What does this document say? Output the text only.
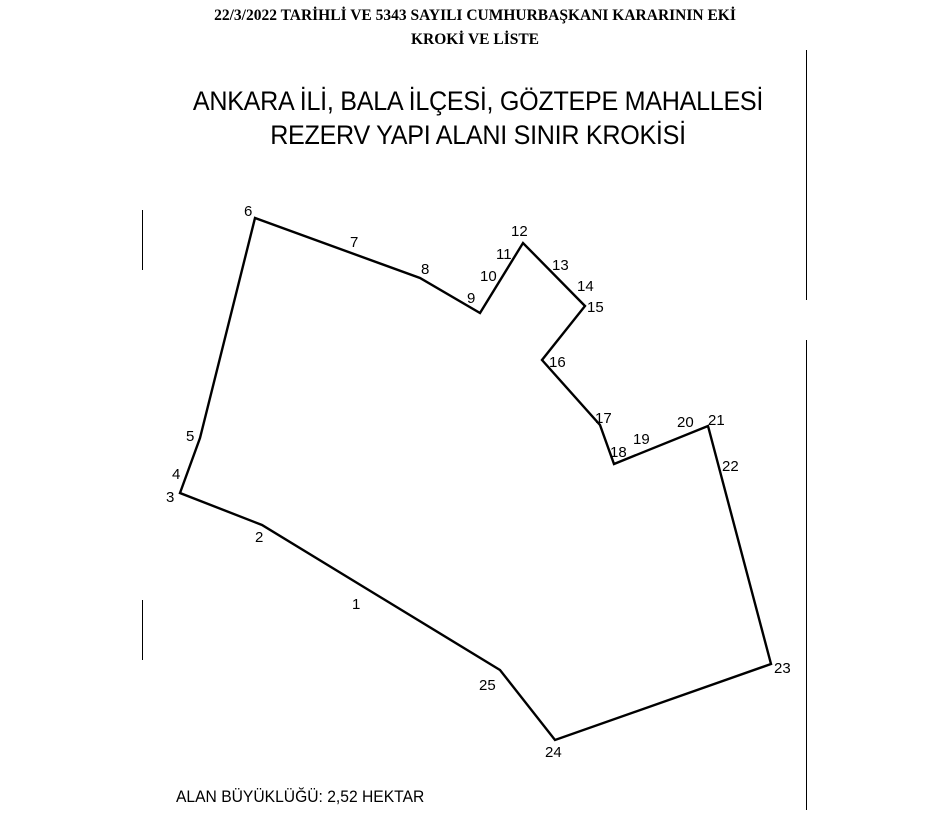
22/3/2022 TARİHLİ VE 5343 SAYILI CUMHURBAŞKANI KARARININ EKİ
KROKİ VE LİSTE
ANKARA İLİ, BALA İLÇESİ, GÖZTEPE MAHALLESİ
REZERV YAPI ALANI SINIR KROKİSİ
1
2
3
4
5
6
7
8
9
10
11
12
13
14
15
16
17
18
19
20 21
22
23
24
25
ALAN BÜYÜKLÜĞÜ: 2,52 HEKTAR
